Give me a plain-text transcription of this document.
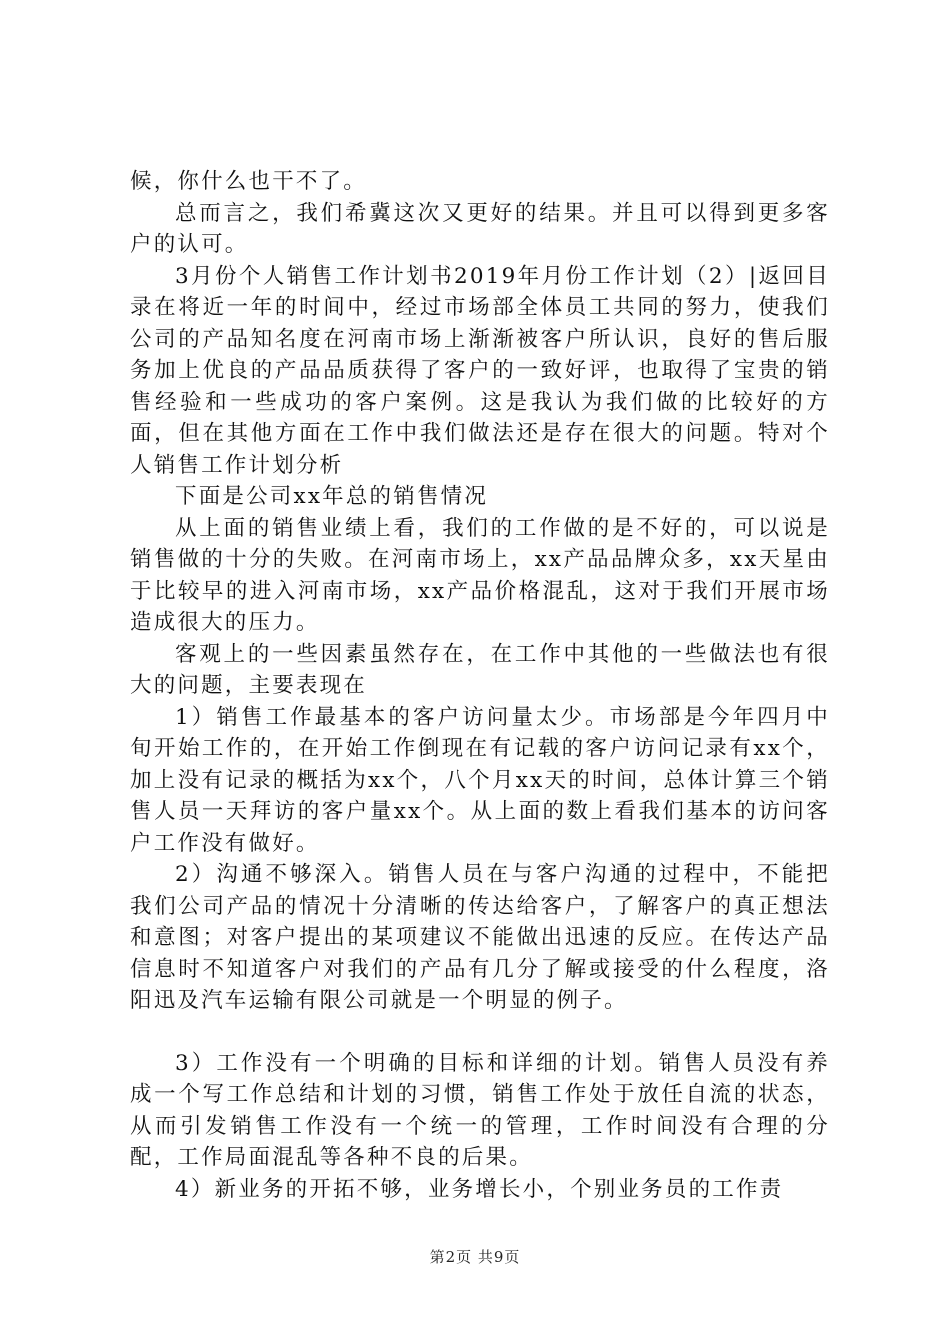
候，你什么也干不了。

总而言之，我们希冀这次又更好的结果。并且可以得到更多客户的认可。

3月份个人销售工作计划书2019年月份工作计划（2）|返回目录在将近一年的时间中，经过市场部全体员工共同的努力，使我们公司的产品知名度在河南市场上渐渐被客户所认识，良好的售后服务加上优良的产品品质获得了客户的一致好评，也取得了宝贵的销售经验和一些成功的客户案例。这是我认为我们做的比较好的方面，但在其他方面在工作中我们做法还是存在很大的问题。特对个人销售工作计划分析

下面是公司xx年总的销售情况

从上面的销售业绩上看，我们的工作做的是不好的，可以说是销售做的十分的失败。在河南市场上，xx产品品牌众多，xx天星由于比较早的进入河南市场，xx产品价格混乱，这对于我们开展市场造成很大的压力。

客观上的一些因素虽然存在，在工作中其他的一些做法也有很大的问题，主要表现在

1）销售工作最基本的客户访问量太少。市场部是今年四月中旬开始工作的，在开始工作倒现在有记载的客户访问记录有xx个，加上没有记录的概括为xx个，八个月xx天的时间，总体计算三个销售人员一天拜访的客户量xx个。从上面的数上看我们基本的访问客户工作没有做好。

2）沟通不够深入。销售人员在与客户沟通的过程中，不能把我们公司产品的情况十分清晰的传达给客户，了解客户的真正想法和意图；对客户提出的某项建议不能做出迅速的反应。在传达产品信息时不知道客户对我们的产品有几分了解或接受的什么程度，洛阳迅及汽车运输有限公司就是一个明显的例子。

3）工作没有一个明确的目标和详细的计划。销售人员没有养成一个写工作总结和计划的习惯，销售工作处于放任自流的状态，从而引发销售工作没有一个统一的管理，工作时间没有合理的分配，工作局面混乱等各种不良的后果。

4）新业务的开拓不够，业务增长小，个别业务员的工作责

第2页 共9页
